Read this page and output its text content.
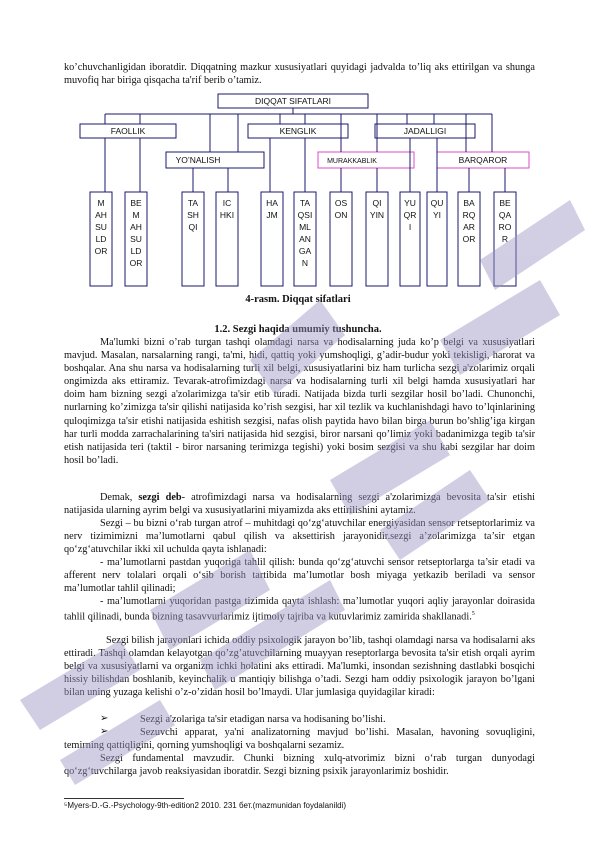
ko’chuvchanligidan iboratdir. Diqqatning mazkur xususiyatlari quyidagi jadvalda to’liq aks ettirilgan va shunga muvofiq har biriga qisqacha ta'rif berib o’tamiz.
DIQQAT SIFATLARI
FAOLLIK	KENGLIK	JADALLIGI
YO’NALISH	MURAKKABLIK	BARQAROR
M AH SU LD OR
BE M AH SU LD OR
TA SH QI
IC HKI
HA JM
TA QSI ML AN GA N
OS ON
QI YIN
YU QR I
QU YI
BA RQ AR OR
BE QA RO R
4-rasm. Diqqat sifatlari
1.2. Sezgi haqida umumiy tushuncha.
Ma'lumki bizni o’rab turgan tashqi olamdagi narsa va hodisalarning juda ko’p belgi va xususiyatlari mavjud. Masalan, narsalarning rangi, ta'mi, hidi, qattiq yoki yumshoqligi, g’adir-budur yoki tekisligi, harorat va boshqalar. Ana shu narsa va hodisalarning turli xil belgi, xususiyatlarini biz ham turlicha sezgi a'zolarimiz orqali ongimizda aks ettiramiz. Tevarak-atrofimizdagi narsa va hodisalarning turli xil belgi hamda xususiyatlari har doim ham bizning sezgi a'zolarimizga ta'sir etib turadi. Natijada bizda turli sezgilar hosil bo’ladi. Chunonchi, nurlarning ko’zimizga ta'sir qilishi natijasida ko’rish sezgisi, har xil tezlik va kuchlanishdagi havo to’lqinlarining quloqimizga ta'sir etishi natijasida eshitish sezgisi, nafas olish paytida havo bilan birga burun bo’shlig’iga kirgan har turli modda zarrachalarining ta'siri natijasida hid sezgisi, biror narsani qo’limiz yoki badanimizga tegib ta'sir etish natijasida teri (taktil - biror narsaning terimizga tegishi) yoki bosim sezgisi va shu kabi sezgilar har doim hosil bo’ladi.
Demak, sezgi deb- atrofimizdagi narsa va hodisalarning sezgi a'zolarimizga bevosita ta'sir etishi natijasida ularning ayrim belgi va xususiyatlarini miyamizda aks ettirilishini aytamiz.
Sezgi – bu bizni o‘rab turgan atrof – muhitdagi qo‘zg‘atuvchilar energiyasidan sensor retseptorlarimiz va nerv tizimimizni ma’lumotlarni qabul qilish va aksettirish jarayonidir.sezgi a’zolarimizga ta’sir etgan qo‘zg‘atuvchilar ikki xil uchulda qayta ishlanadi:
- ma’lumotlarni pastdan yuqoriga tahlil qilish: bunda qo‘zg‘atuvchi sensor retseptorlarga ta’sir etadi va afferent nerv tolalari orqali o‘sib borish tartibida ma’lumotlar bosh miyaga yetkazib beriladi va sensor ma’lumotlar tahlil qilinadi;
- ma’lumotlarni yuqoridan pastga tizimida qayta ishlash: ma’lumotlar yuqori aqliy jarayonlar doirasida tahlil qilinadi, bunda bizning tasavvurlarimiz ijtimoiy tajriba va kutuvlarimiz zamirida shakllanadi.$^5$
Sezgi bilish jarayonlari ichida oddiy psixologik jarayon bo’lib, tashqi olamdagi narsa va hodisalarni aks ettiradi. Tashqi olamdan kelayotgan qo’zg’atuvchilarning muayyan reseptorlarga bevosita ta'sir etish orqali ayrim belgi va xususiyatlarni va organizm ichki holatini aks ettiradi. Ma'lumki, insondan sezishning dastlabki bosqichi hissiy bilishdan boshlanib, keyinchalik u mantiqiy bilishga o’tadi. Sezgi ham oddiy psixologik jarayon bo’lgani bilan uning yuzaga kelishi o’z-o’zidan hosil bo’lmaydi. Ular jumlasiga quyidagilar kiradi:
➢	Sezgi a'zolariga ta'sir etadigan narsa va hodisaning bo’lishi.
➢	Sezuvchi apparat, ya'ni analizatorning mavjud bo’lishi. Masalan, havoning sovuqligini, temirning qattiqligini, qorning yumshoqligi va boshqalarni sezamiz.
Sezgi fundamental mavzudir. Chunki bizning xulq-atvorimiz bizni o‘rab turgan dunyodagi qo‘zg‘tuvchilarga javob reaksiyasidan iboratdir. Sezgi bizning psixik jarayonlarimiz boshidir.
⁵Myers-D.-G.-Psychology-9th-edition2 2010. 231 бет.(mazmunidan foydalanildi)
